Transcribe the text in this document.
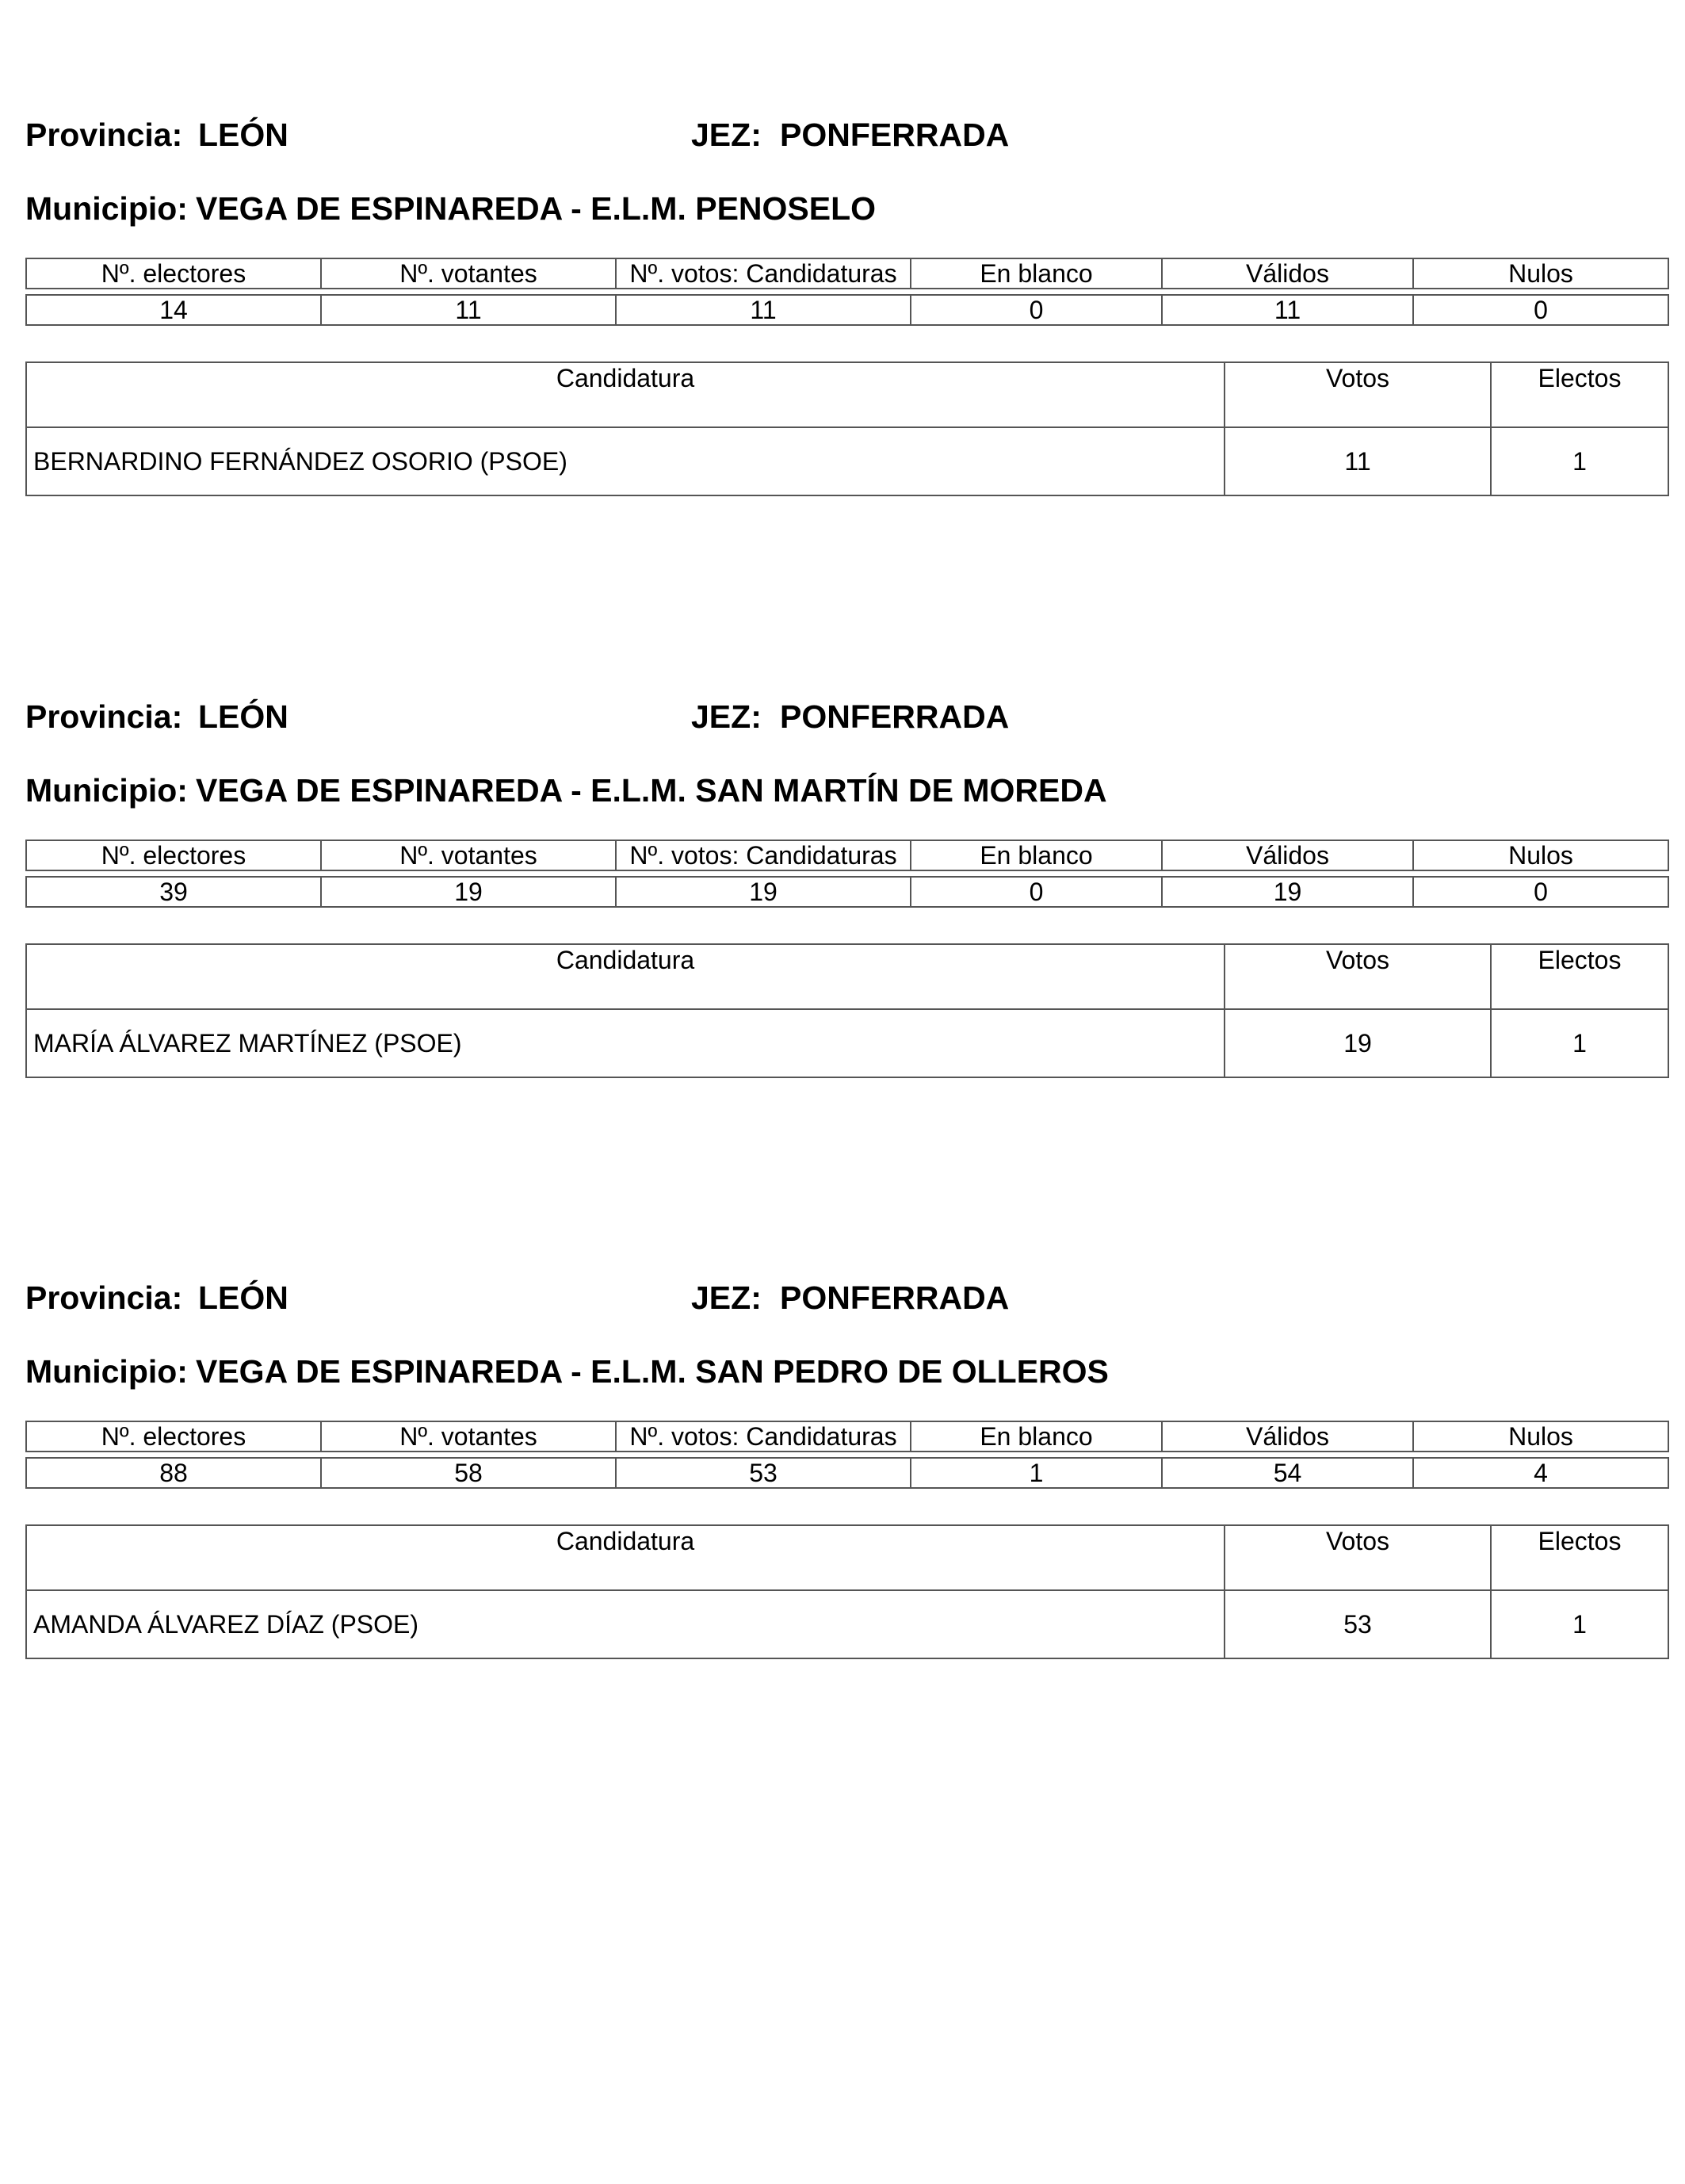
Provincia: LEÓN	JEZ: PONFERRADA
Municipio: VEGA DE ESPINAREDA - E.L.M. PENOSELO
Nº. electores	Nº. votantes	Nº. votos: Candidaturas	En blanco	Válidos	Nulos

14	11	11	0	11	0
Candidatura	Votos	Electos
BERNARDINO FERNÁNDEZ OSORIO (PSOE)	11	1
Provincia: LEÓN	JEZ: PONFERRADA
Municipio: VEGA DE ESPINAREDA - E.L.M. SAN MARTÍN DE MOREDA
Nº. electores	Nº. votantes	Nº. votos: Candidaturas	En blanco	Válidos	Nulos

39	19	19	0	19	0
Candidatura	Votos	Electos
MARÍA ÁLVAREZ MARTÍNEZ (PSOE)	19	1
Provincia: LEÓN	JEZ: PONFERRADA
Municipio: VEGA DE ESPINAREDA - E.L.M. SAN PEDRO DE OLLEROS
Nº. electores	Nº. votantes	Nº. votos: Candidaturas	En blanco	Válidos	Nulos

88	58	53	1	54	4
Candidatura	Votos	Electos
AMANDA ÁLVAREZ DÍAZ (PSOE)	53	1
